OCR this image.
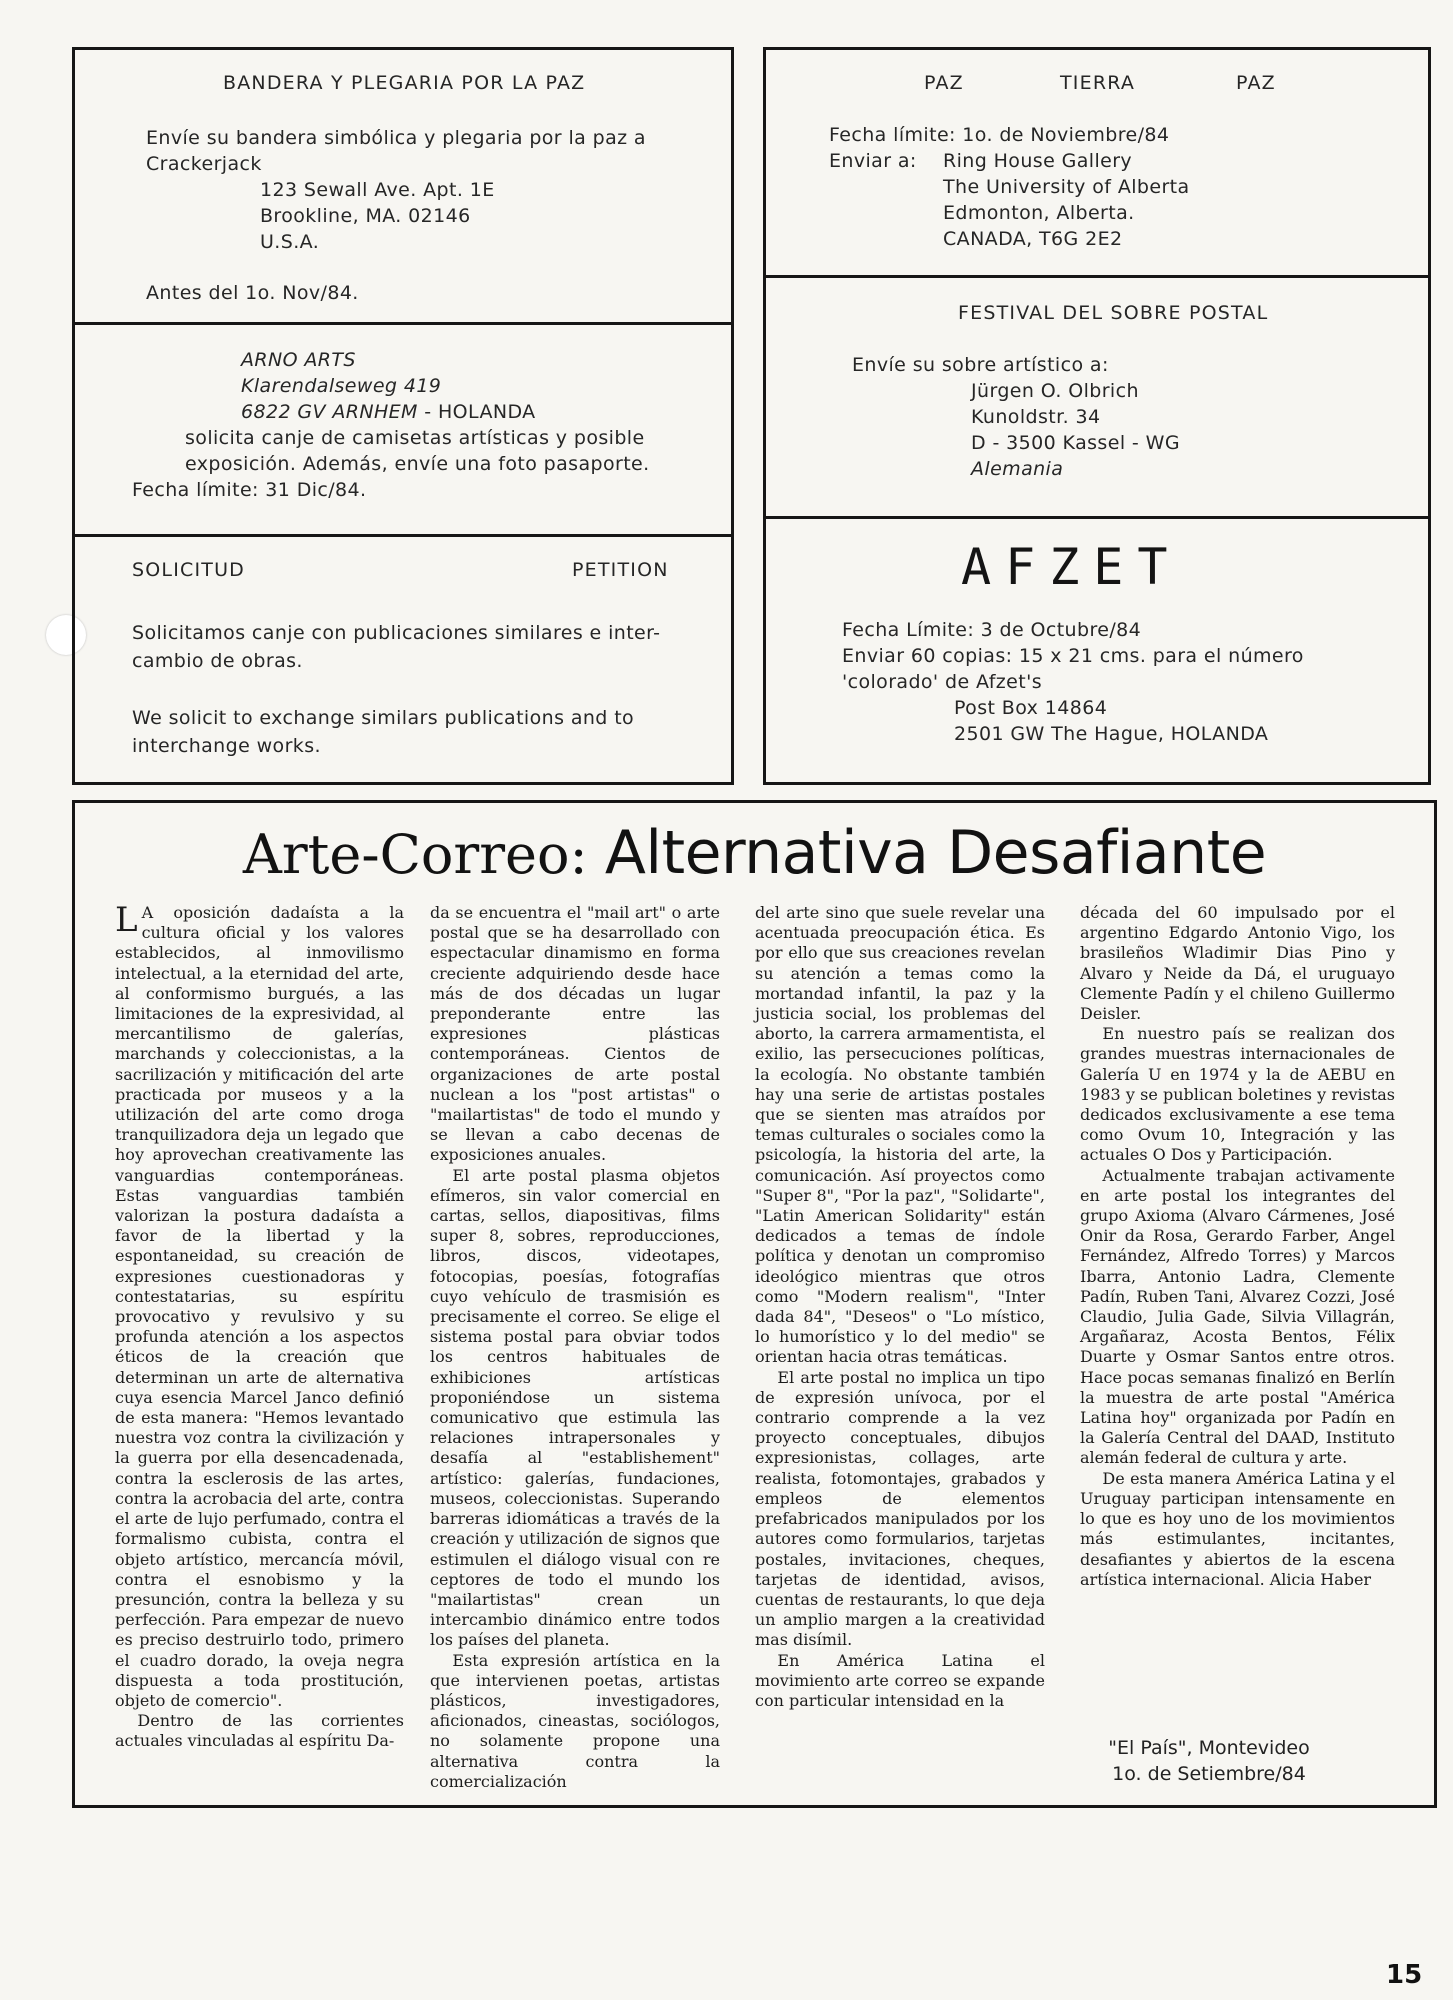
BANDERA Y PLEGARIA POR LA PAZ
Envíe su bandera simbólica y plegaria por la paz a
Crackerjack
123 Sewall Ave. Apt. 1E
Brookline, MA. 02146
U.S.A.
Antes del 1o. Nov/84.
ARNO ARTS
Klarendalseweg 419
6822 GV ARNHEM - HOLANDA
solicita canje de camisetas artísticas y posible
exposición. Además, envíe una foto pasaporte.
Fecha límite: 31 Dic/84.
SOLICITUD	PETITION
Solicitamos canje con publicaciones similares e inter-
cambio de obras.
We solicit to exchange similars publications and to
interchange works.
PAZ	TIERRA	PAZ
Fecha límite: 1o. de Noviembre/84
Enviar a: Ring House Gallery
The University of Alberta
Edmonton, Alberta.
CANADA, T6G 2E2
FESTIVAL DEL SOBRE POSTAL
Envíe su sobre artístico a:
Jürgen O. Olbrich
Kunoldstr. 34
D - 3500 Kassel - WG
Alemania
AFZET
Fecha Límite: 3 de Octubre/84
Enviar 60 copias: 15 x 21 cms. para el número
'colorado' de Afzet's
Post Box 14864
2501 GW The Hague, HOLANDA
Arte-Correo: Alternativa Desafiante

L A oposición dadaísta a la cultura oficial y los valores establecidos, al inmovilismo intelectual, a la eternidad del arte, al conformismo burgués, a las limitaciones de la expresividad, al mercantilismo de galerías, marchands y coleccionistas, a la sacrilización y mitificación del arte practicada por museos y a la utilización del arte como droga tranquilizadora deja un legado que hoy aprovechan creativamente las vanguardias contemporáneas. Estas vanguardias también valorizan la postura dadaísta a favor de la libertad y la espontaneidad, su creación de expresiones cuestionadoras y contestatarias, su espíritu provocativo y revulsivo y su profunda atención a los aspectos éticos de la creación que determinan un arte de alternativa cuya esencia Marcel Janco definió de esta manera: "Hemos levantado nuestra voz contra la civilización y la guerra por ella desencadenada, contra la esclerosis de las artes, contra la acrobacia del arte, contra el arte de lujo perfumado, contra el formalismo cubista, contra el objeto artístico, mercancía móvil, contra el esnobismo y la presunción, contra la belleza y su perfección. Para empezar de nuevo es preciso destruirlo todo, primero el cuadro dorado, la oveja negra dispuesta a toda prostitución, objeto de comercio".

Dentro de las corrientes actuales vinculadas al espíritu Da-

da se encuentra el "mail art" o arte postal que se ha desarrollado con espectacular dinamismo en forma creciente adquiriendo desde hace más de dos décadas un lugar preponderante entre las expresiones plásticas contemporáneas. Cientos de organizaciones de arte postal nuclean a los "post artistas" o "mailartistas" de todo el mundo y se llevan a cabo decenas de exposiciones anuales.

El arte postal plasma objetos efímeros, sin valor comercial en cartas, sellos, diapositivas, films super 8, sobres, reproducciones, libros, discos, videotapes, fotocopias, poesías, fotografías cuyo vehículo de trasmisión es precisamente el correo. Se elige el sistema postal para obviar todos los centros habituales de exhibiciones artísticas proponiéndose un sistema comunicativo que estimula las relaciones intrapersonales y desafía al "establishement" artístico: galerías, fundaciones, museos, coleccionistas. Superando barreras idiomáticas a través de la creación y utilización de signos que estimulen el diálogo visual con re ceptores de todo el mundo los "mailartistas" crean un intercambio dinámico entre todos los países del planeta.

Esta expresión artística en la que intervienen poetas, artistas plásticos, investigadores, aficionados, cineastas, sociólogos, no solamente propone una alternativa contra la comercialización

del arte sino que suele revelar una acentuada preocupación ética. Es por ello que sus creaciones revelan su atención a temas como la mortandad infantil, la paz y la justicia social, los problemas del aborto, la carrera armamentista, el exilio, las persecuciones políticas, la ecología. No obstante también hay una serie de artistas postales que se sienten mas atraídos por temas culturales o sociales como la psicología, la historia del arte, la comunicación. Así proyectos como "Super 8", "Por la paz", "Solidarte", "Latin American Solidarity" están dedicados a temas de índole política y denotan un compromiso ideológico mientras que otros como "Modern realism", "Inter dada 84", "Deseos" o "Lo místico, lo humorístico y lo del medio" se orientan hacia otras temáticas.

El arte postal no implica un tipo de expresión unívoca, por el contrario comprende a la vez proyecto conceptuales, dibujos expresionistas, collages, arte realista, fotomontajes, grabados y empleos de elementos prefabricados manipulados por los autores como formularios, tarjetas postales, invitaciones, cheques, tarjetas de identidad, avisos, cuentas de restaurants, lo que deja un amplio margen a la creatividad mas disímil.

En América Latina el movimiento arte correo se expande con particular intensidad en la

década del 60 impulsado por el argentino Edgardo Antonio Vigo, los brasileños Wladimir Dias Pino y Alvaro y Neide da Dá, el uruguayo Clemente Padín y el chileno Guillermo Deisler.

En nuestro país se realizan dos grandes muestras internacionales de Galería U en 1974 y la de AEBU en 1983 y se publican boletines y revistas dedicados exclusivamente a ese tema como Ovum 10, Integración y las actuales O Dos y Participación.

Actualmente trabajan activamente en arte postal los integrantes del grupo Axioma (Alvaro Cármenes, José Onir da Rosa, Gerardo Farber, Angel Fernández, Alfredo Torres) y Marcos Ibarra, Antonio Ladra, Clemente Padín, Ruben Tani, Alvarez Cozzi, José Claudio, Julia Gade, Silvia Villagrán, Argañaraz, Acosta Bentos, Félix Duarte y Osmar Santos entre otros. Hace pocas semanas finalizó en Berlín la muestra de arte postal "América Latina hoy" organizada por Padín en la Galería Central del DAAD, Instituto alemán federal de cultura y arte.

De esta manera América Latina y el Uruguay participan intensamente en lo que es hoy uno de los movimientos más estimulantes, incitantes, desafiantes y abiertos de la escena artística internacional. Alicia Haber

"El País", Montevideo
1o. de Setiembre/84
15
